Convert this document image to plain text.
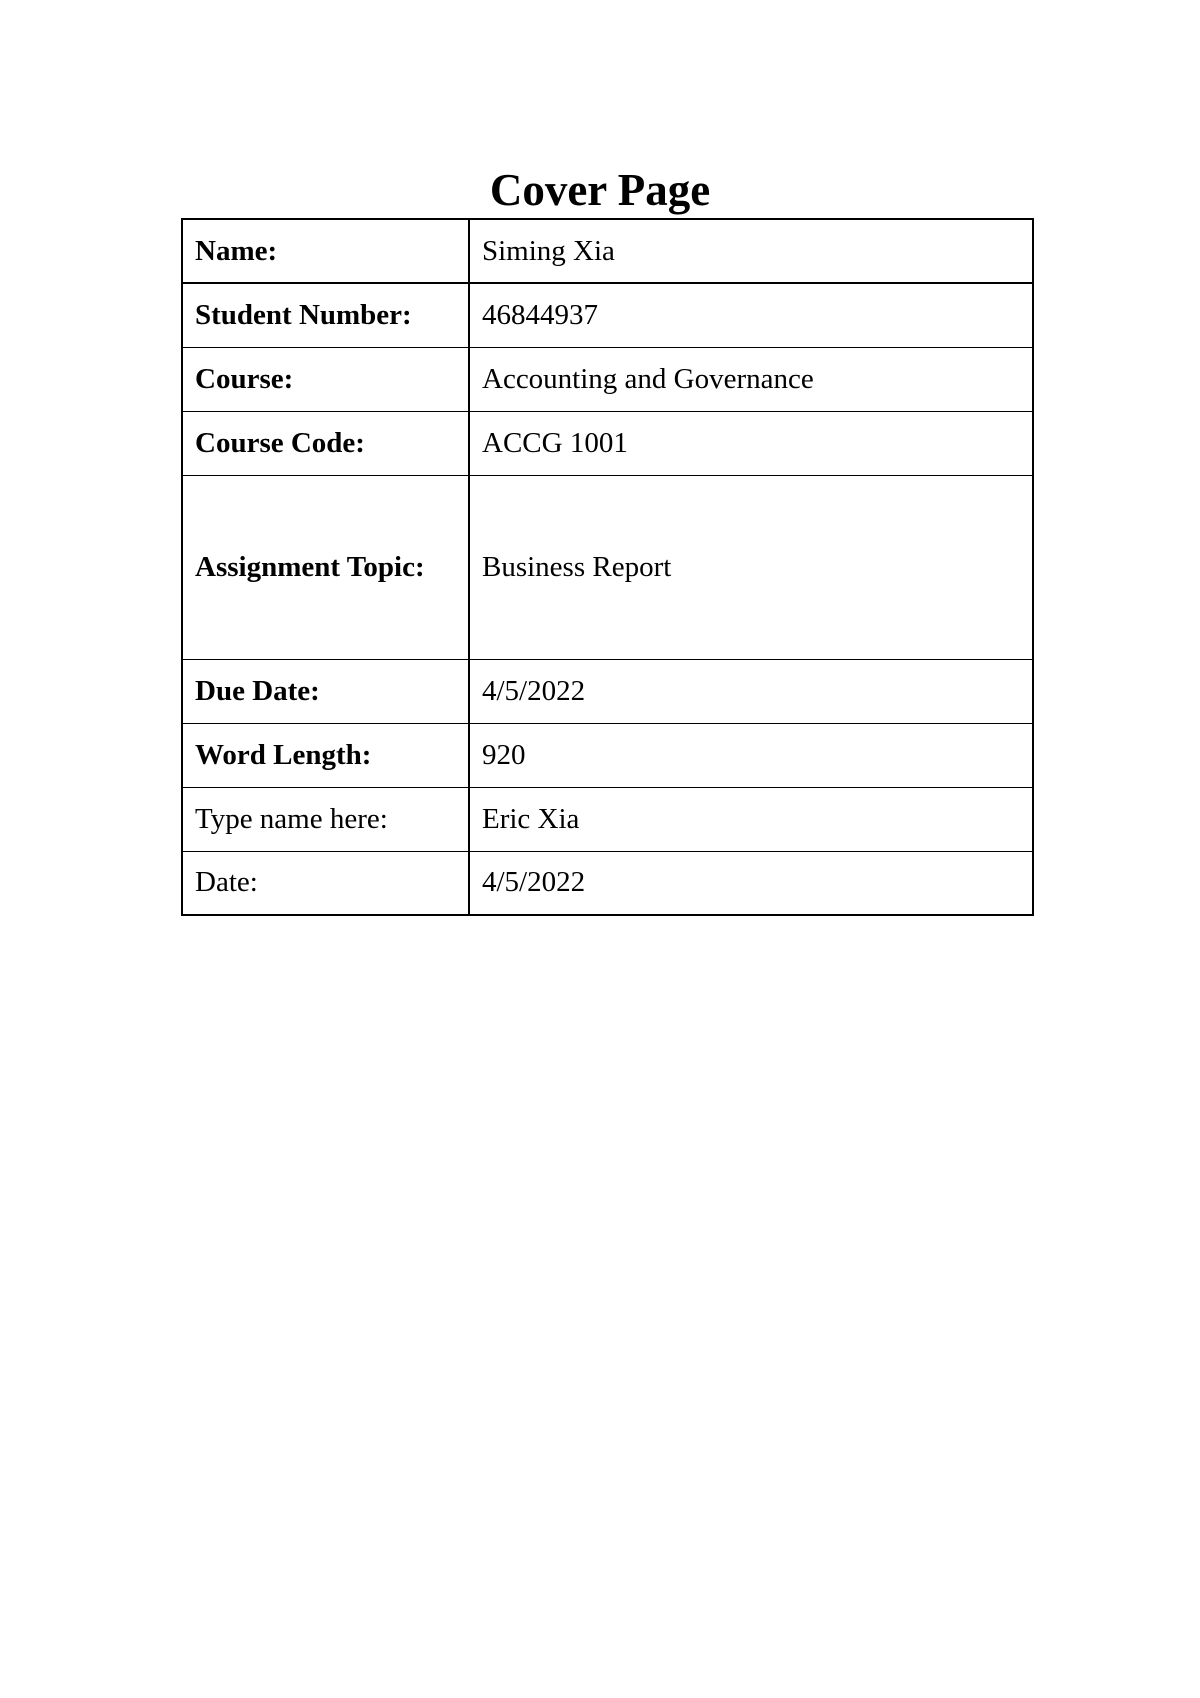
Cover Page
Name:	Siming Xia
Student Number:	46844937
Course:	Accounting and Governance
Course Code:	ACCG 1001
Assignment Topic:	Business Report
Due Date:	4/5/2022
Word Length:	920
Type name here:	Eric Xia
Date:	4/5/2022
